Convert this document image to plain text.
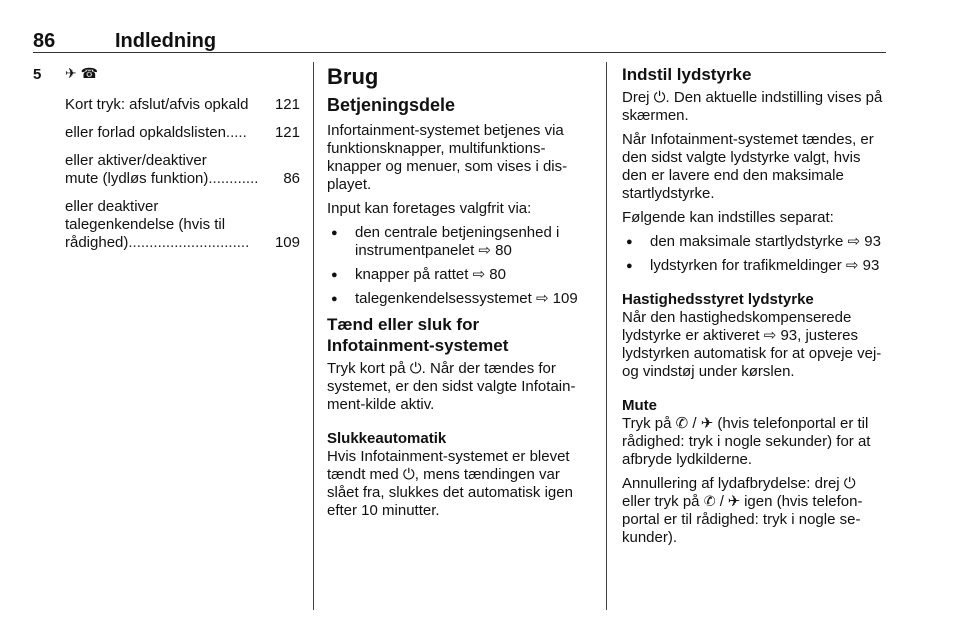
86	Indledning
5 ✈︎ ☎︎
Kort tryk: afslut/afvis opkald 121
eller forlad opkaldslisten .....	121
eller aktiver/deaktiver
mute (lydløs funktion) ............	86
eller deaktiver
talegenkendelse (hvis til
rådighed) .............................	109
Brug
Betjeningsdele

Infortainment-systemet betjenes via funktionsknapper, multifunktions-knapper og menuer, som vises i dis-playet.

Input kan foretages valgfrit via:

● den centrale betjeningsenhed i instrumentpanelet ⇨ 80
● knapper på rattet ⇨ 80
● talegenkendelsessystemet ⇨ 109
Tænd eller sluk for Infotainment-systemet

Tryk kort på ⏻. Når der tændes for systemet, er den sidst valgte Infotain-ment-kilde aktiv.

Slukkeautomatik

Hvis Infotainment-systemet er blevet tændt med ⏻, mens tændingen var slået fra, slukkes det automatisk igen efter 10 minutter.

Indstil lydstyrke

Drej ⏻. Den aktuelle indstilling vises på skærmen.

Når Infotainment-systemet tændes, er den sidst valgte lydstyrke valgt, hvis den er lavere end den maksimale startlydstyrke.

Følgende kan indstilles separat:

● den maksimale startlydstyrke ⇨ 93
● lydstyrken for trafikmeldinger ⇨ 93
Hastighedsstyret lydstyrke

Når den hastighedskompenserede lydstyrke er aktiveret ⇨ 93, justeres lydstyrken automatisk for at opveje vej- og vindstøj under kørslen.

Mute

Tryk på ✆ / ✈ (hvis telefonportal er til rådighed: tryk i nogle sekunder) for at afbryde lydkilderne.

Annullering af lydafbrydelse: drej ⏻ eller tryk på ✆ / ✈ igen (hvis telefon-portal er til rådighed: tryk i nogle se-kunder).
